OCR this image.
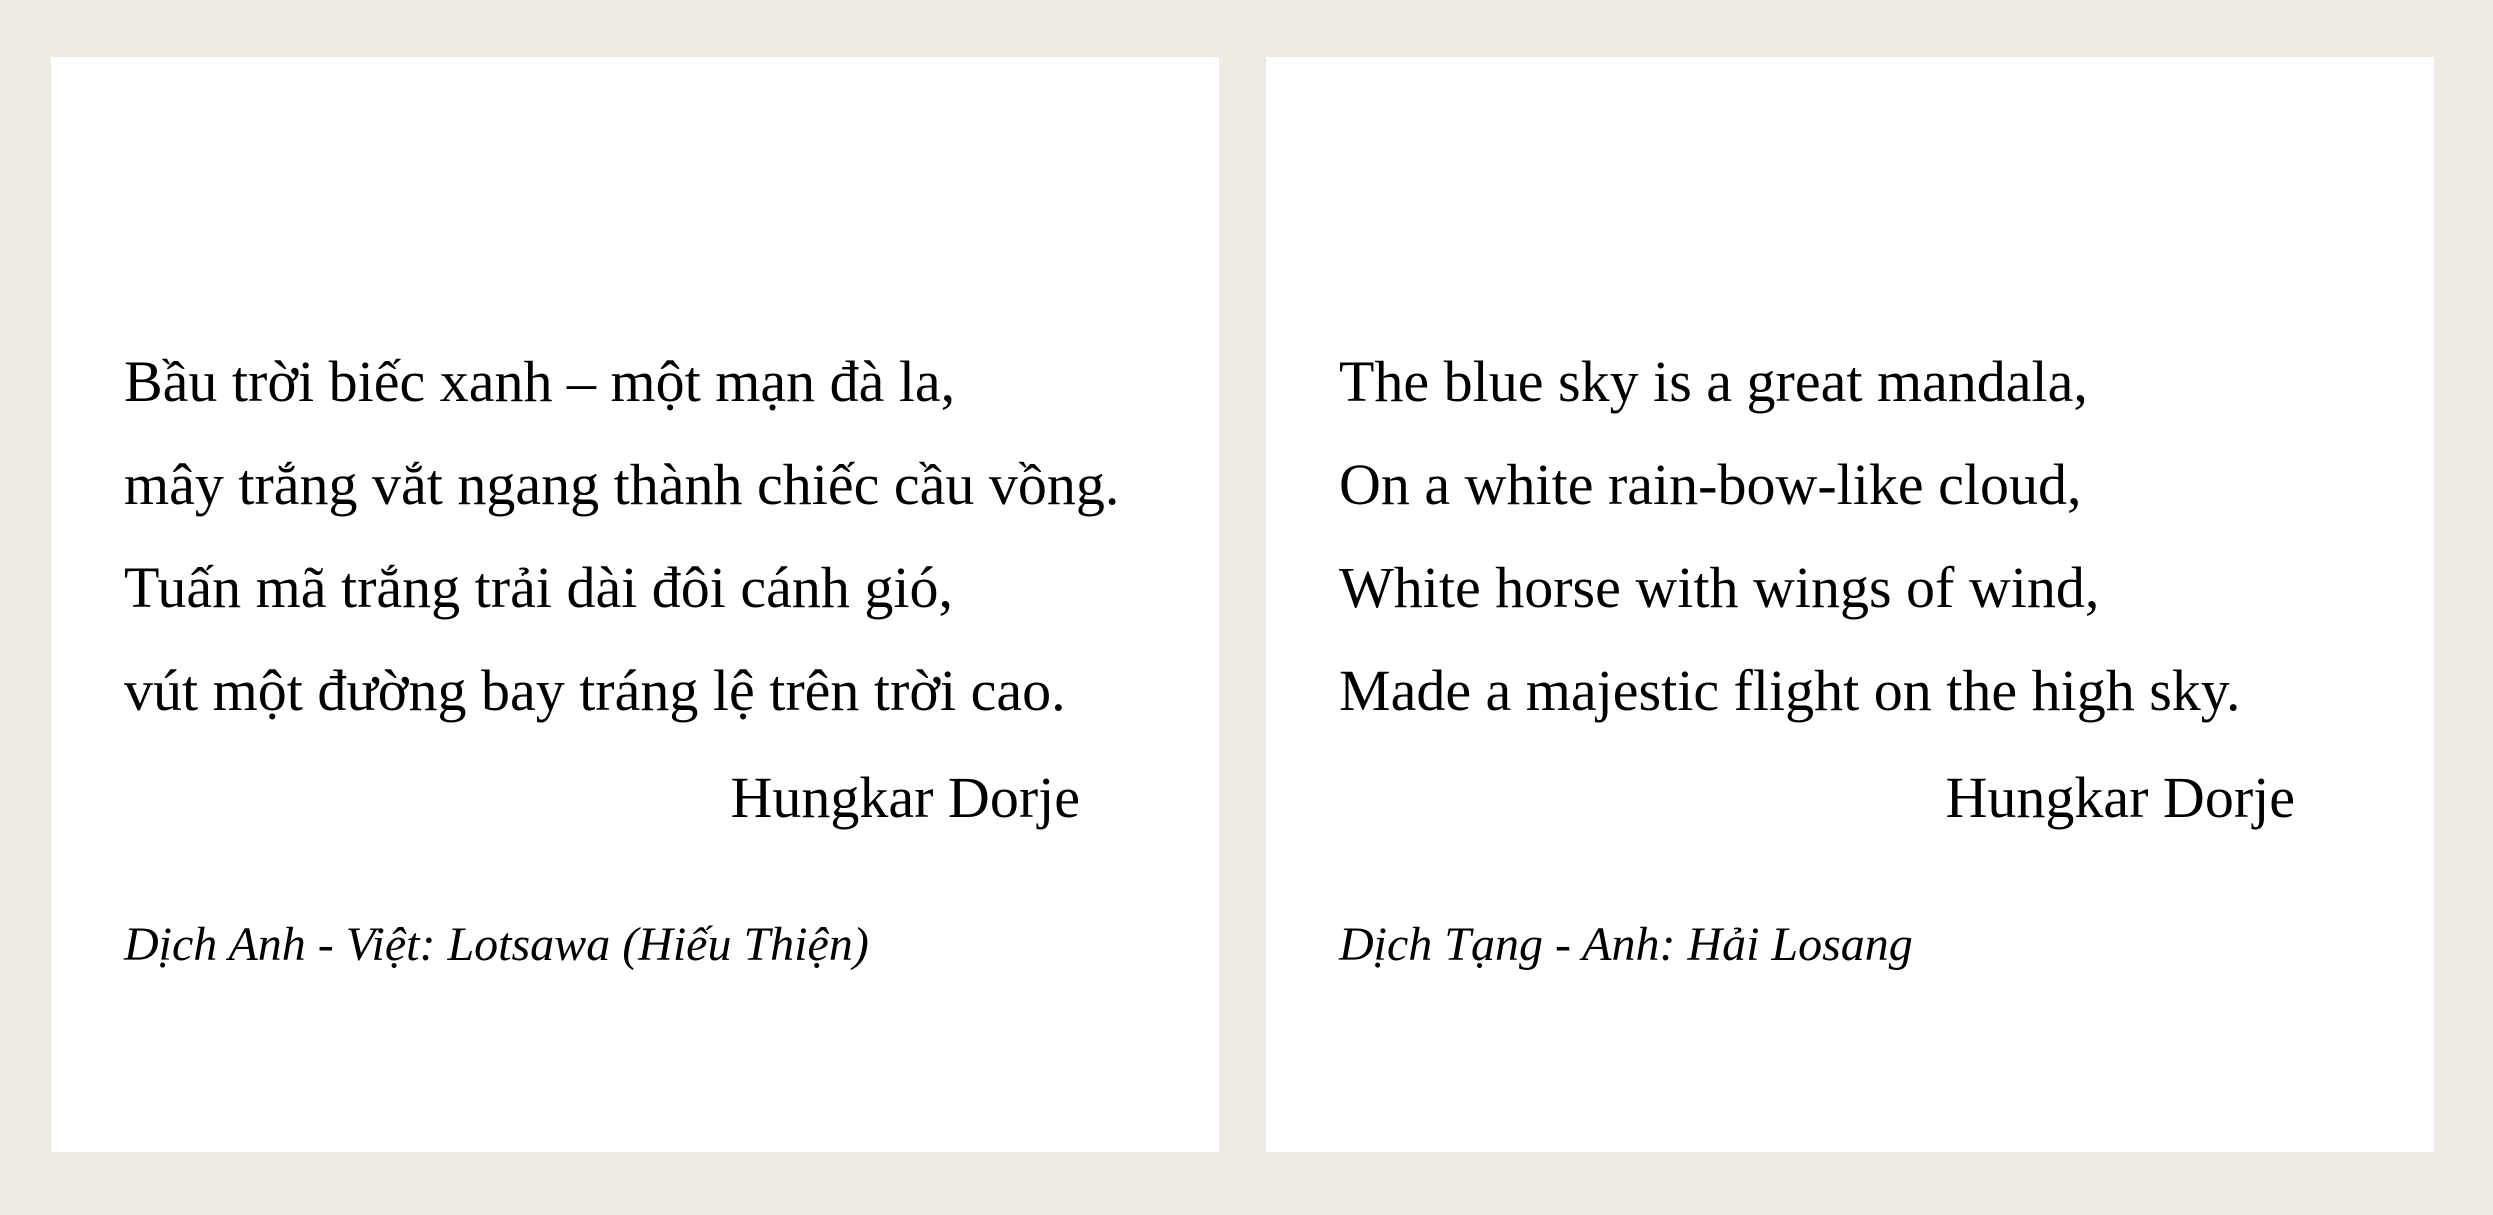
Bầu trời biếc xanh – một mạn đà la,

mây trắng vắt ngang thành chiếc cầu vồng.

Tuấn mã trắng trải dài đôi cánh gió,

vút một đường bay tráng lệ trên trời cao.

Hungkar Dorje

Dịch Anh - Việt: Lotsawa (Hiếu Thiện)

The blue sky is a great mandala,

On a white rain-bow-like cloud,

White horse with wings of wind,

Made a majestic flight on the high sky.

Hungkar Dorje

Dịch Tạng - Anh: Hải Losang
